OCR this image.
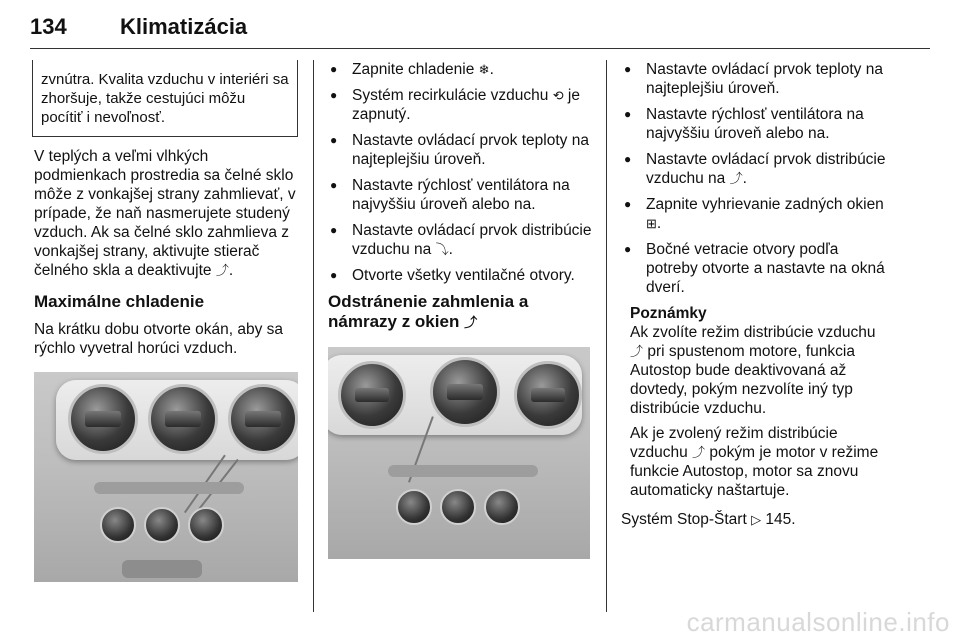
134 Klimatizácia
zvnútra. Kvalita vzduchu v interiéri sa zhoršuje, takže cestujúci môžu pocítiť i nevoľnosť.
V teplých a veľmi vlhkých podmienkach prostredia sa čelné sklo môže z vonkajšej strany zahmlievať, v prípade, že naň nasmerujete studený vzduch. Ak sa čelné sklo zahmlieva z vonkajšej strany, aktivujte stierač čelného skla a deaktivujte ⤴.
Maximálne chladenie
Na krátku dobu otvorte okán, aby sa rýchlo vyvetral horúci vzduch.
● Zapnite chladenie ❄.
● Systém recirkulácie vzduchu ⟲ je zapnutý.
● Nastavte ovládací prvok teploty na najteplejšiu úroveň.
● Nastavte rýchlosť ventilátora na najvyššiu úroveň alebo na.
● Nastavte ovládací prvok distribúcie vzduchu na ⤵.
● Otvorte všetky ventilačné otvory.
Odstránenie zahmlenia a námrazy z okien ⤴
● Nastavte ovládací prvok teploty na najteplejšiu úroveň.
● Nastavte rýchlosť ventilátora na najvyššiu úroveň alebo na.
● Nastavte ovládací prvok distribúcie vzduchu na ⤴.
● Zapnite vyhrievanie zadných okien ⊞.
● Bočné vetracie otvory podľa potreby otvorte a nastavte na okná dverí.
Poznámky
Ak zvolíte režim distribúcie vzduchu ⤴ pri spustenom motore, funkcia Autostop bude deaktivovaná až dovtedy, pokým nezvolíte iný typ distribúcie vzduchu.
Ak je zvolený režim distribúcie vzduchu ⤴ pokým je motor v režime funkcie Autostop, motor sa znovu automaticky naštartuje.
Systém Stop-Štart ▷ 145.
carmanualsonline.info
